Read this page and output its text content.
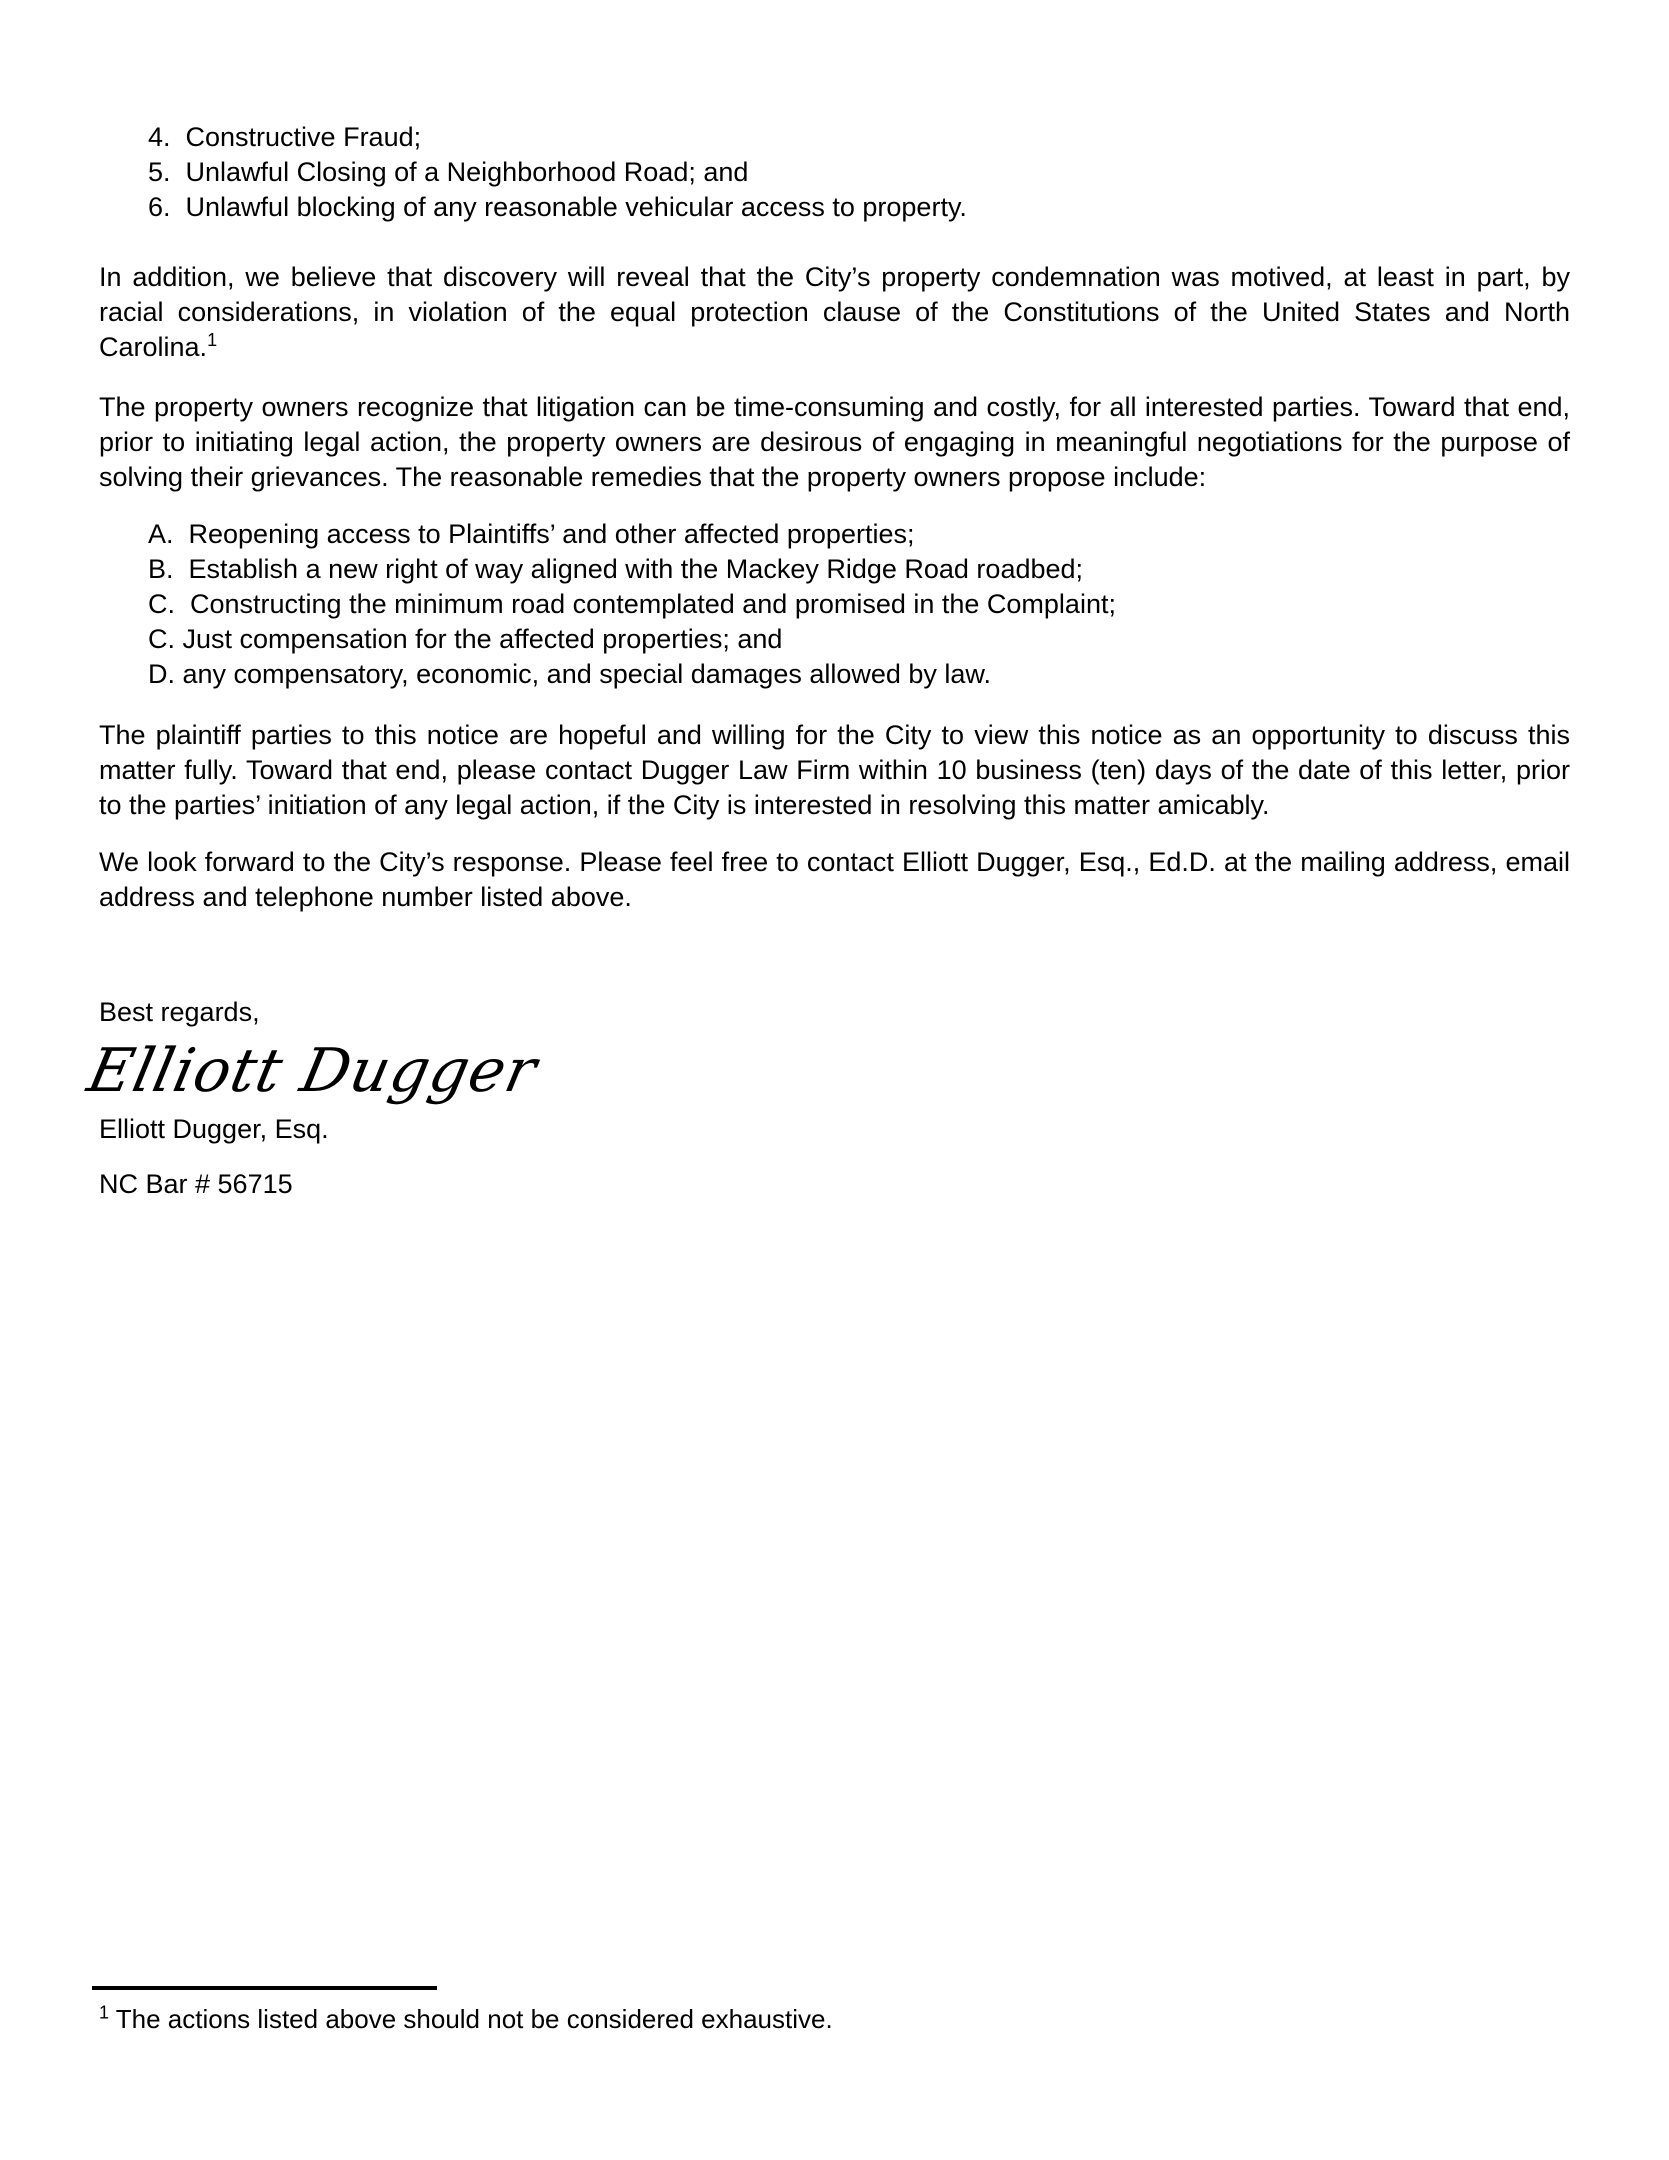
4.  Constructive Fraud;
5.  Unlawful Closing of a Neighborhood Road; and
6.  Unlawful blocking of any reasonable vehicular access to property.

In addition, we believe that discovery will reveal that the City’s property condemnation was motived, at least in part, by racial considerations, in violation of the equal protection clause of the Constitutions of the United States and North Carolina.$^1$

The property owners recognize that litigation can be time-consuming and costly, for all interested parties. Toward that end, prior to initiating legal action, the property owners are desirous of engaging in meaningful negotiations for the purpose of solving their grievances. The reasonable remedies that the property owners propose include:

A.  Reopening access to Plaintiffs’ and other affected properties;
B.  Establish a new right of way aligned with the Mackey Ridge Road roadbed;
C.  Constructing the minimum road contemplated and promised in the Complaint;
C. Just compensation for the affected properties; and
D. any compensatory, economic, and special damages allowed by law.

The plaintiff parties to this notice are hopeful and willing for the City to view this notice as an opportunity to discuss this matter fully. Toward that end, please contact Dugger Law Firm within 10 business (ten) days of the date of this letter, prior to the parties’ initiation of any legal action, if the City is interested in resolving this matter amicably.

We look forward to the City’s response. Please feel free to contact Elliott Dugger, Esq., Ed.D. at the mailing address, email address and telephone number listed above.

Best regards,

Elliott Dugger

Elliott Dugger, Esq.

NC Bar # 56715

$^1$ The actions listed above should not be considered exhaustive.
